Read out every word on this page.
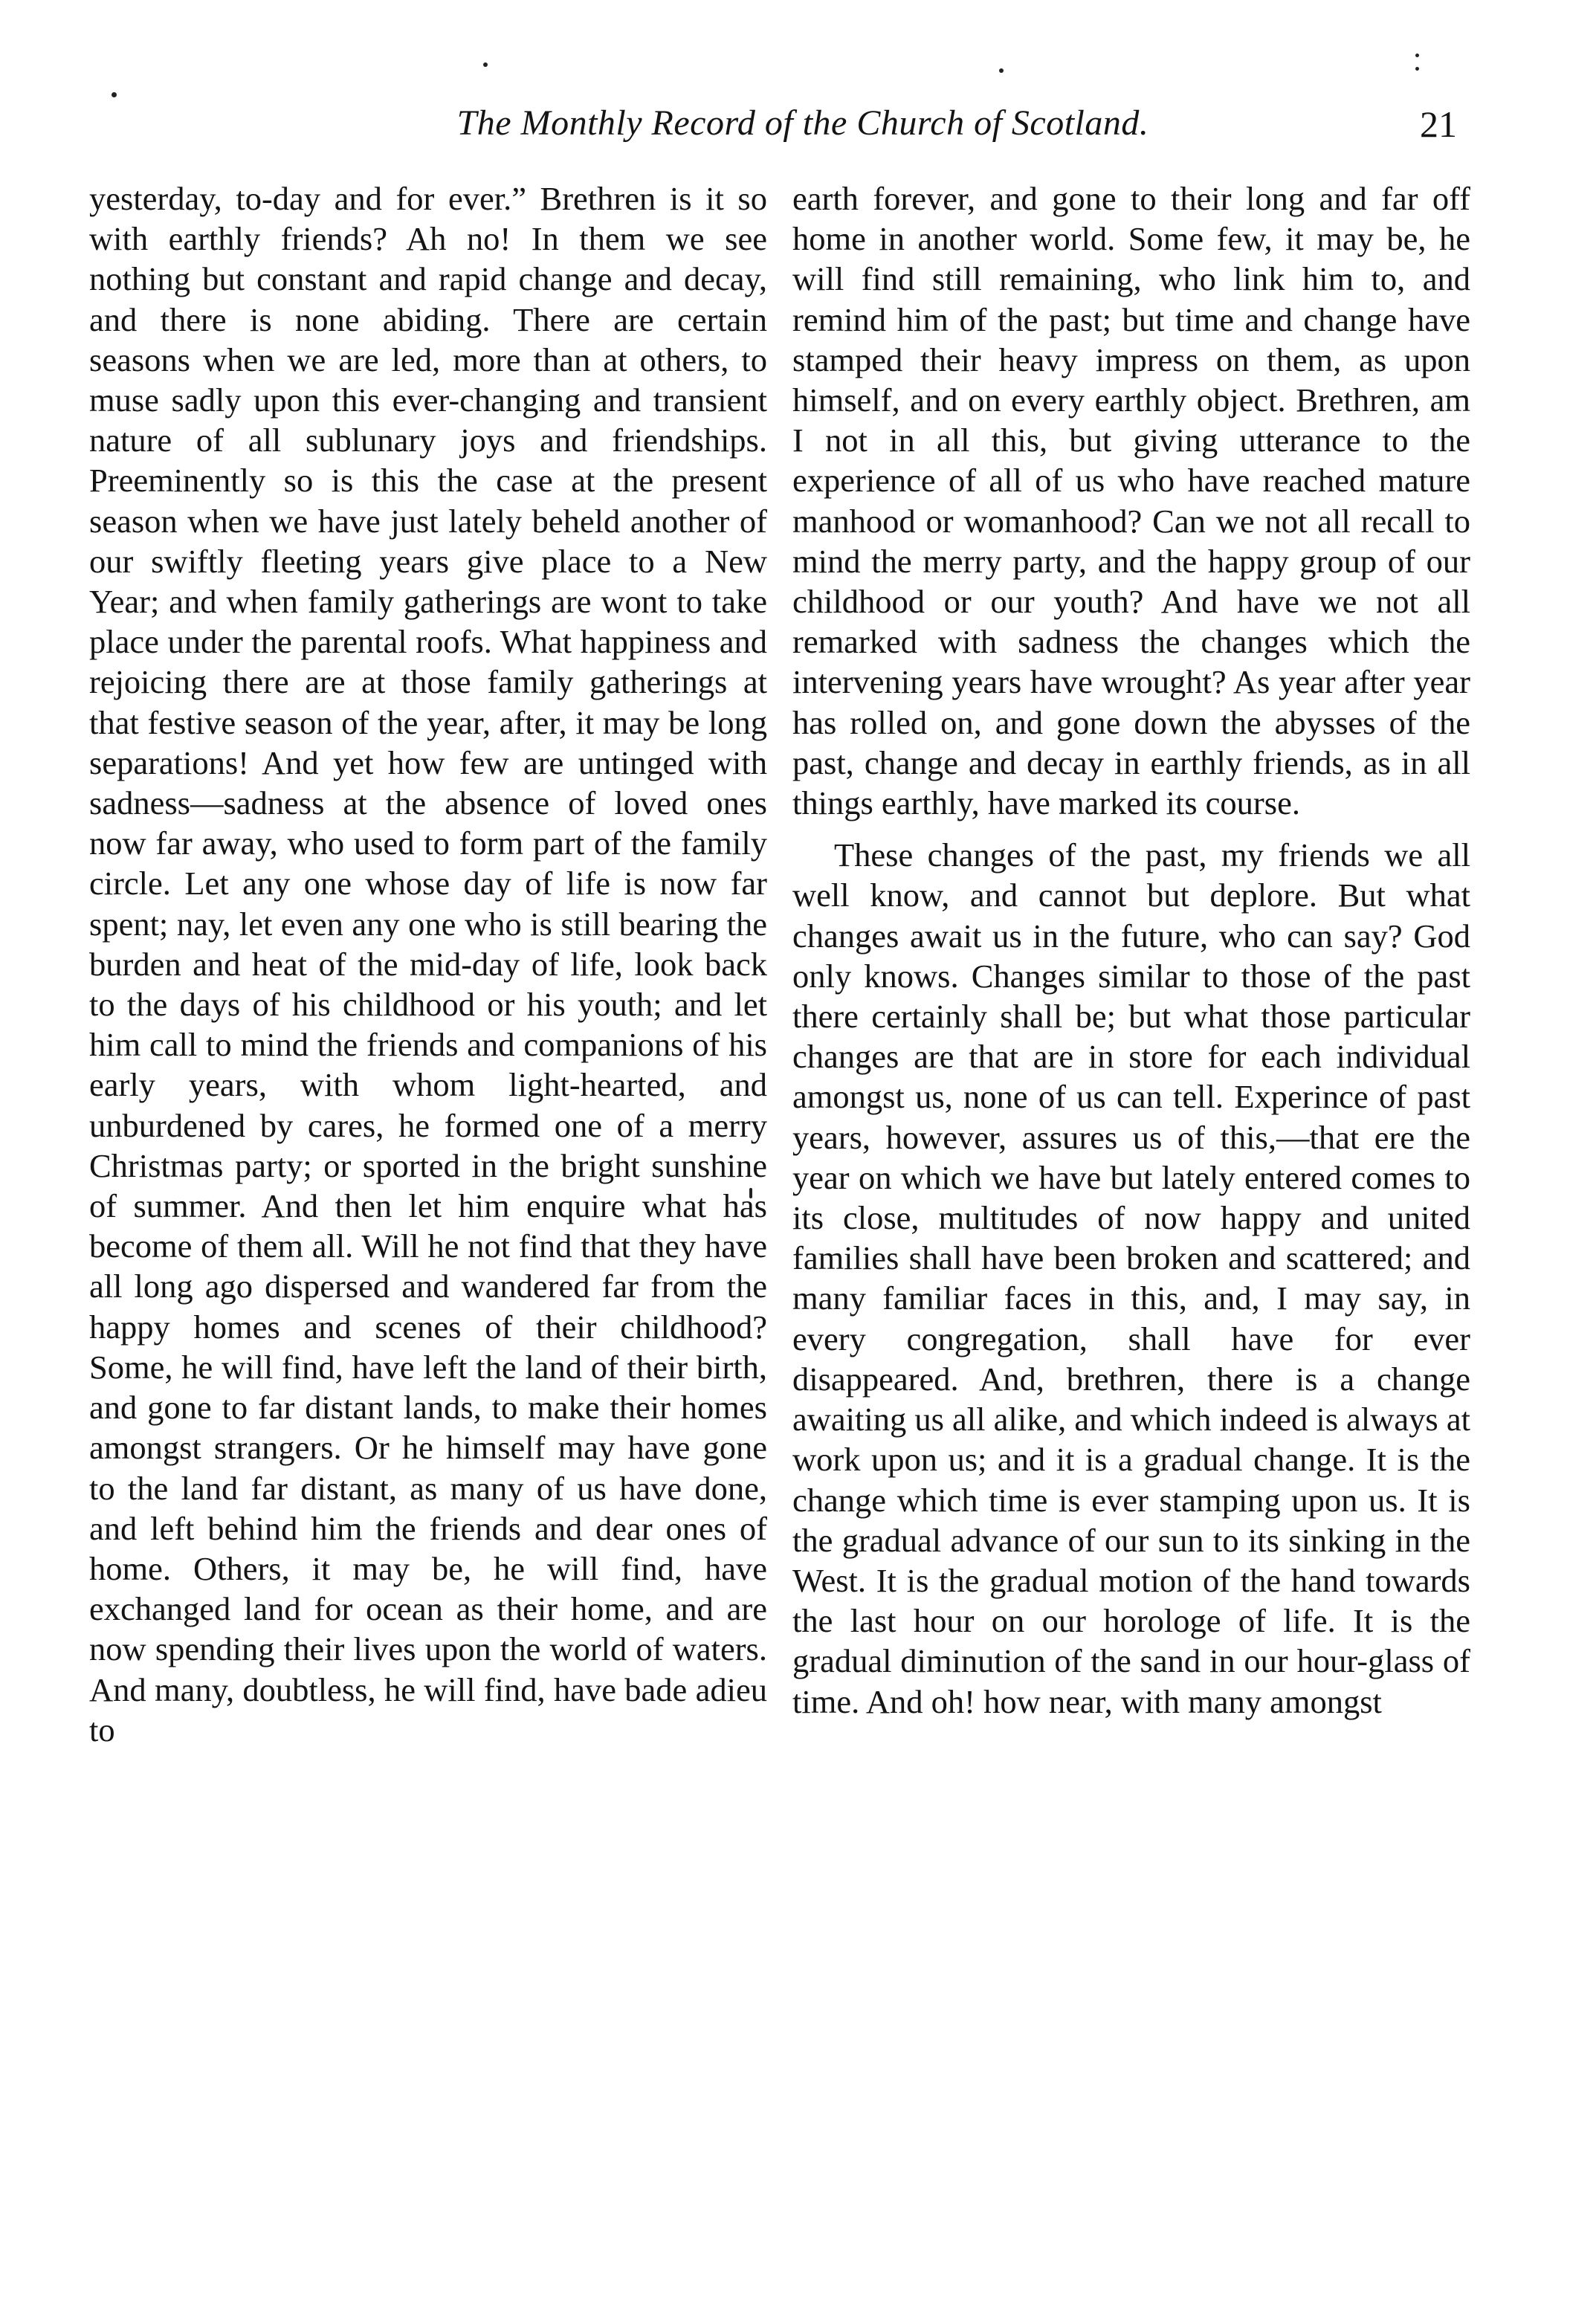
The Monthly Record of the Church of Scotland.	21

yesterday, to-day and for ever.” Brethren is it so with earthly friends? Ah no! In them we see nothing but constant and rapid change and decay, and there is none abiding. There are certain seasons when we are led, more than at others, to muse sadly upon this ever-changing and transient nature of all sublunary joys and friendships. Preeminently so is this the case at the present season when we have just lately beheld another of our swiftly fleeting years give place to a New Year; and when family gatherings are wont to take place under the parental roofs. What happiness and rejoicing there are at those family gatherings at that festive season of the year, after, it may be long separations! And yet how few are untinged with sadness—sadness at the absence of loved ones now far away, who used to form part of the family circle. Let any one whose day of life is now far spent; nay, let even any one who is still bearing the burden and heat of the mid-day of life, look back to the days of his childhood or his youth; and let him call to mind the friends and companions of his early years, with whom light-hearted, and unburdened by cares, he formed one of a merry Christmas party; or sported in the bright sunshine of summer. And then let him enquire what has become of them all. Will he not find that they have all long ago dispersed and wandered far from the happy homes and scenes of their childhood? Some, he will find, have left the land of their birth, and gone to far distant lands, to make their homes amongst strangers. Or he himself may have gone to the land far distant, as many of us have done, and left behind him the friends and dear ones of home. Others, it may be, he will find, have exchanged land for ocean as their home, and are now spending their lives upon the world of waters. And many, doubtless, he will find, have bade adieu to

earth forever, and gone to their long and far off home in another world. Some few, it may be, he will find still remaining, who link him to, and remind him of the past; but time and change have stamped their heavy impress on them, as upon himself, and on every earthly object. Brethren, am I not in all this, but giving utterance to the experience of all of us who have reached mature manhood or womanhood? Can we not all recall to mind the merry party, and the happy group of our childhood or our youth? And have we not all remarked with sadness the changes which the intervening years have wrought? As year after year has rolled on, and gone down the abysses of the past, change and decay in earthly friends, as in all things earthly, have marked its course.

These changes of the past, my friends we all well know, and cannot but deplore. But what changes await us in the future, who can say? God only knows. Changes similar to those of the past there certainly shall be; but what those particular changes are that are in store for each individual amongst us, none of us can tell. Experince of past years, however, assures us of this,—that ere the year on which we have but lately entered comes to its close, multitudes of now happy and united families shall have been broken and scattered; and many familiar faces in this, and, I may say, in every congregation, shall have for ever disappeared. And, brethren, there is a change awaiting us all alike, and which indeed is always at work upon us; and it is a gradual change. It is the change which time is ever stamping upon us. It is the gradual advance of our sun to its sinking in the West. It is the gradual motion of the hand towards the last hour on our horologe of life. It is the gradual diminution of the sand in our hour-glass of time. And oh! how near, with many amongst
